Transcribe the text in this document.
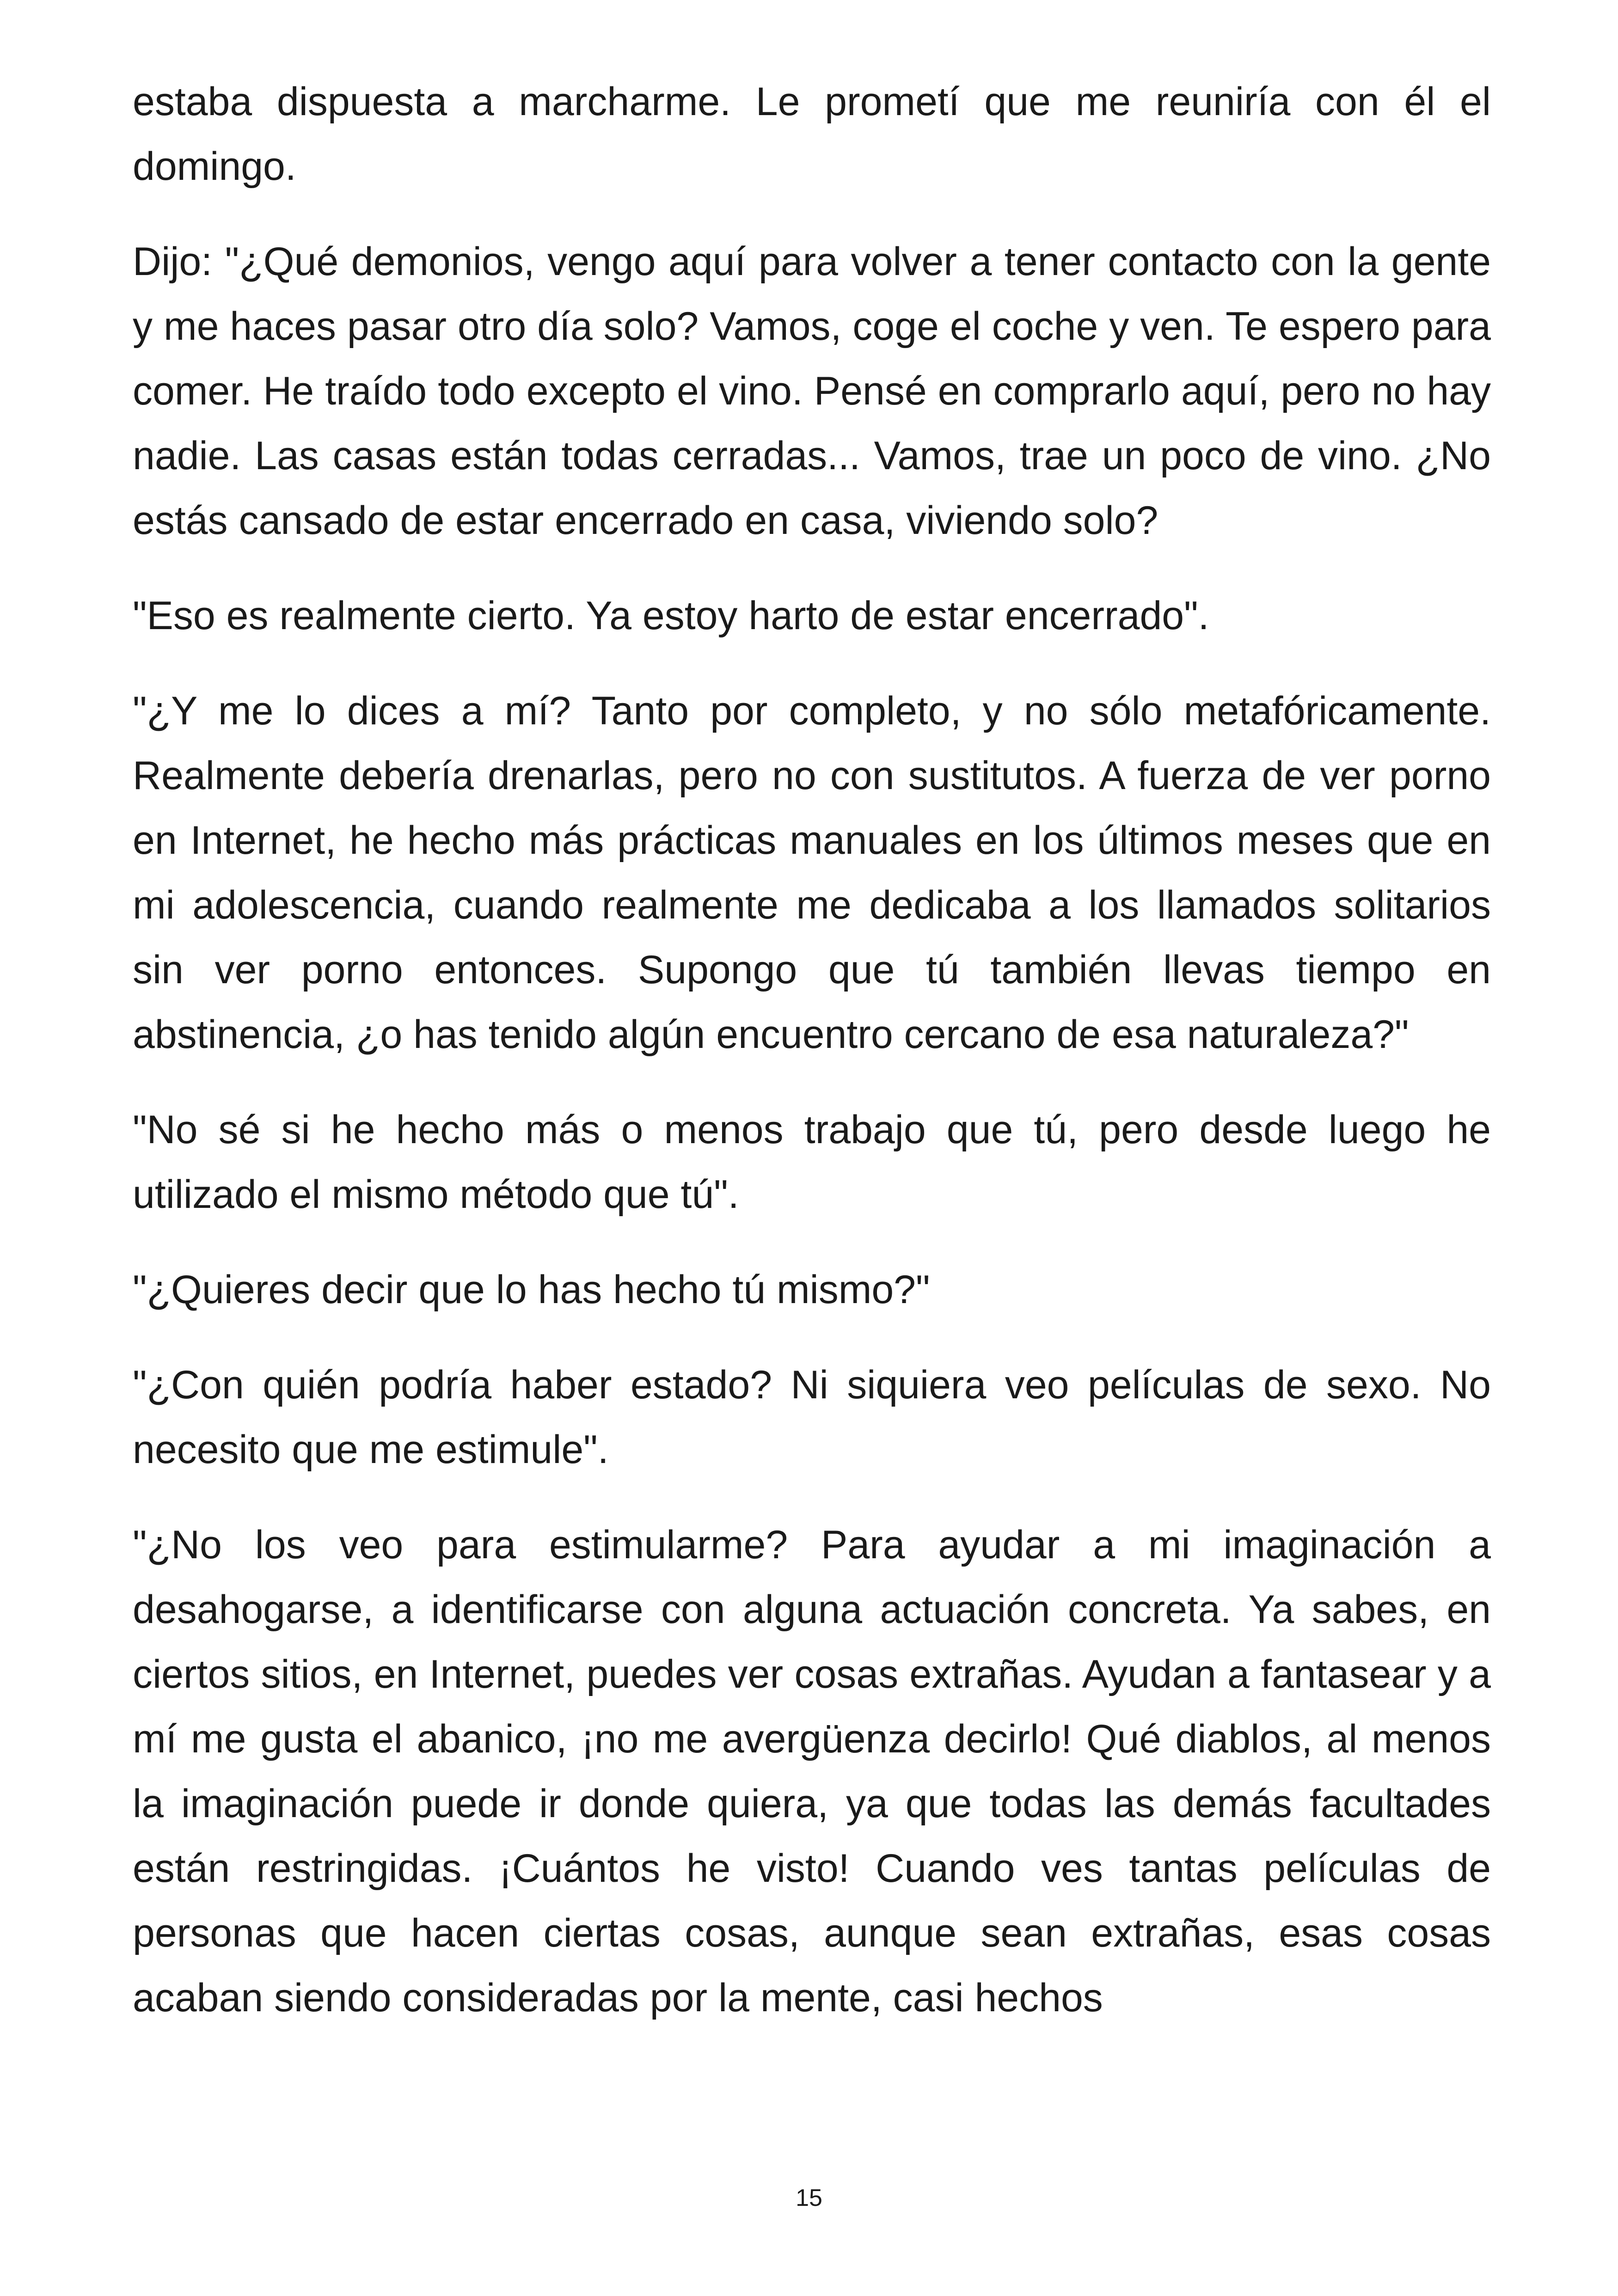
estaba dispuesta a marcharme. Le prometí que me reuniría con él el domingo.

Dijo: "¿Qué demonios, vengo aquí para volver a tener contacto con la gente y me haces pasar otro día solo? Vamos, coge el coche y ven. Te espero para comer. He traído todo excepto el vino. Pensé en comprarlo aquí, pero no hay nadie. Las casas están todas cerradas... Vamos, trae un poco de vino. ¿No estás cansado de estar encerrado en casa, viviendo solo?

"Eso es realmente cierto. Ya estoy harto de estar encerrado".

"¿Y me lo dices a mí? Tanto por completo, y no sólo metafóricamente. Realmente debería drenarlas, pero no con sustitutos. A fuerza de ver porno en Internet, he hecho más prácticas manuales en los últimos meses que en mi adolescencia, cuando realmente me dedicaba a los llamados solitarios sin ver porno entonces. Supongo que tú también llevas tiempo en abstinencia, ¿o has tenido algún encuentro cercano de esa naturaleza?"

"No sé si he hecho más o menos trabajo que tú, pero desde luego he utilizado el mismo método que tú".

"¿Quieres decir que lo has hecho tú mismo?"

"¿Con quién podría haber estado? Ni siquiera veo películas de sexo. No necesito que me estimule".

"¿No los veo para estimularme? Para ayudar a mi imaginación a desahogarse, a identificarse con alguna actuación concreta. Ya sabes, en ciertos sitios, en Internet, puedes ver cosas extrañas. Ayudan a fantasear y a mí me gusta el abanico, ¡no me avergüenza decirlo! Qué diablos, al menos la imaginación puede ir donde quiera, ya que todas las demás facultades están restringidas. ¡Cuántos he visto! Cuando ves tantas películas de personas que hacen ciertas cosas, aunque sean extrañas, esas cosas acaban siendo consideradas por la mente, casi hechos

15
